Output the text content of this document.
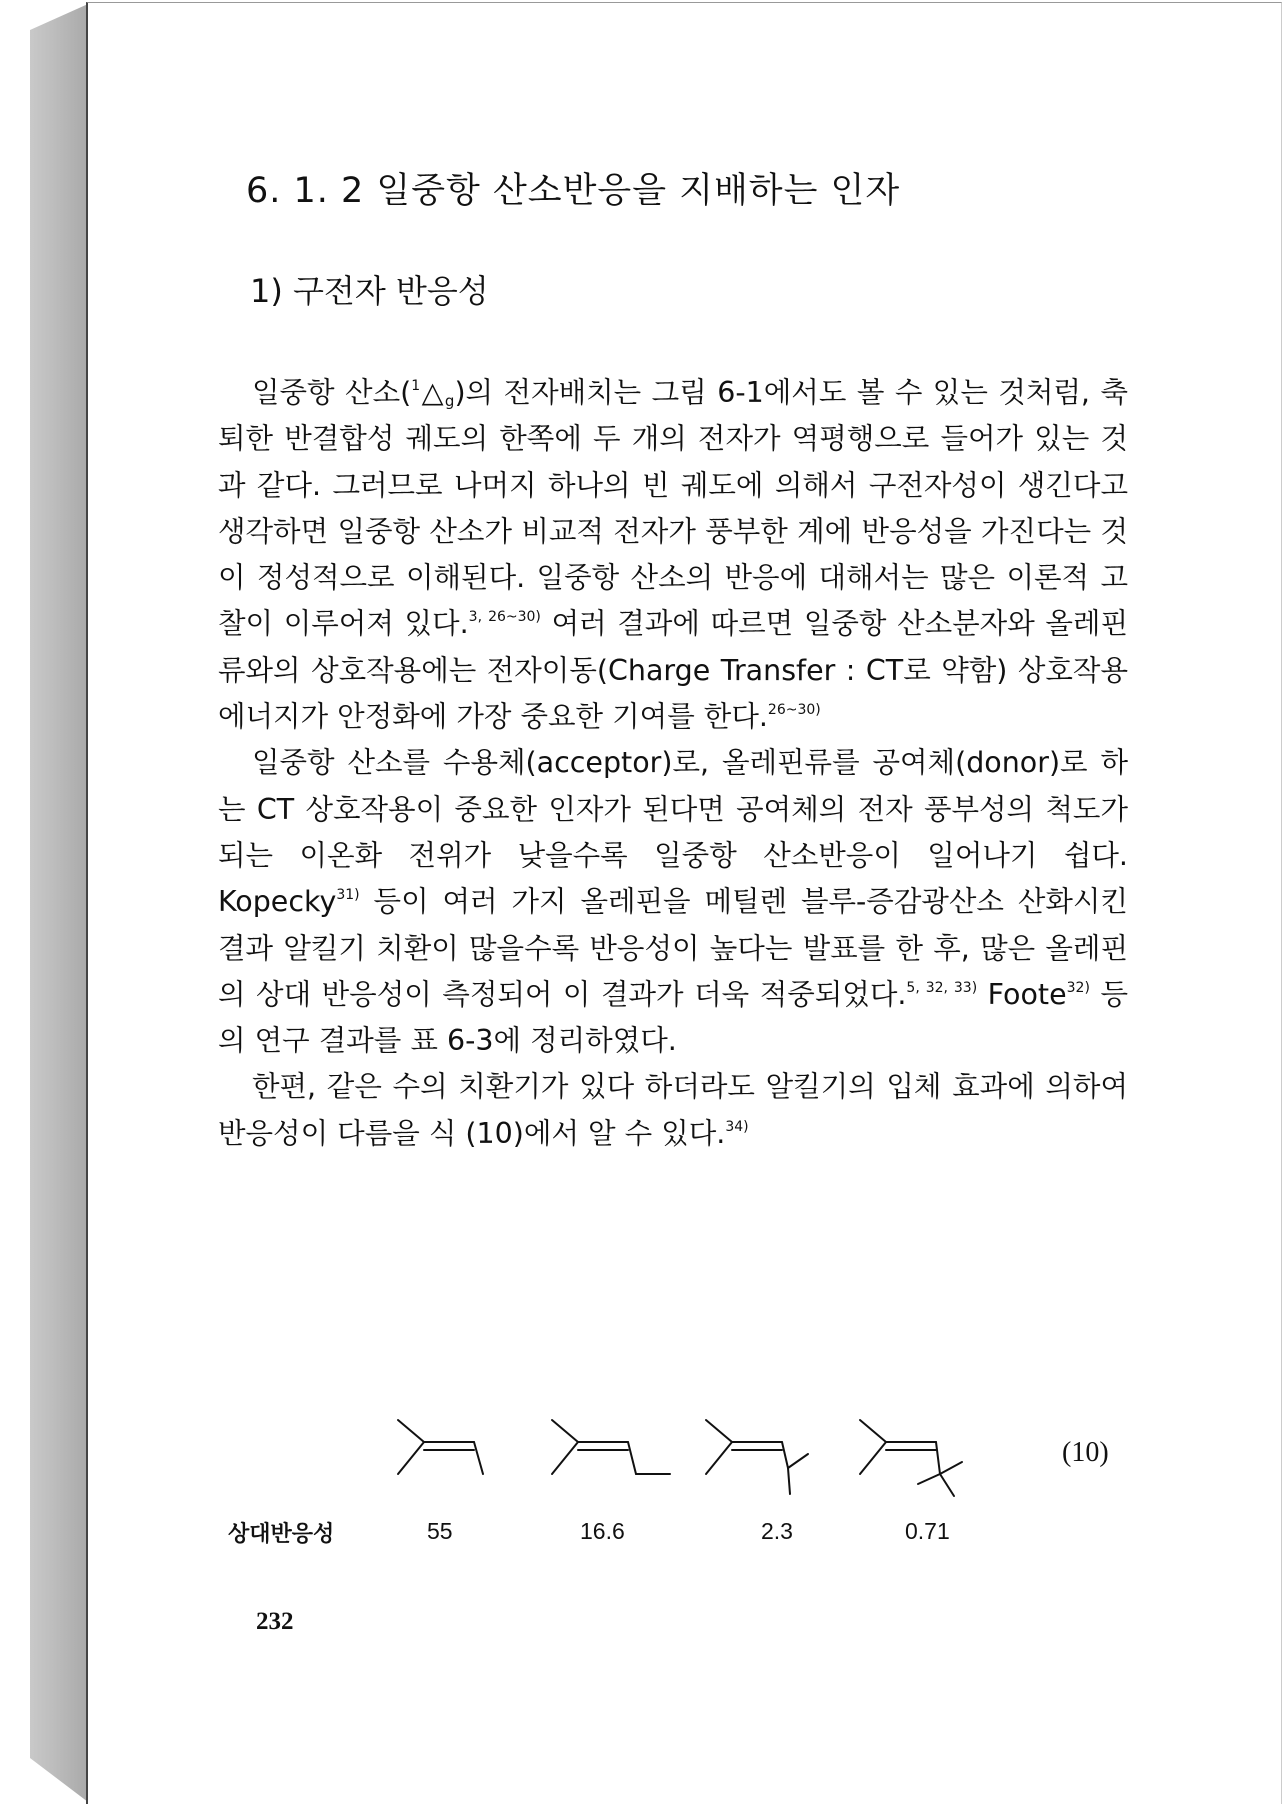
6. 1. 2 일중항 산소반응을 지배하는 인자
1) 구전자 반응성

일중항 산소$(^1\triangle_g)$의 전자배치는 그림 6-1에서도 볼 수 있는 것처럼, 축퇴한 반결합성 궤도의 한쪽에 두 개의 전자가 역평행으로 들어가 있는 것과 같다. 그러므로 나머지 하나의 빈 궤도에 의해서 구전자성이 생긴다고 생각하면 일중항 산소가 비교적 전자가 풍부한 계에 반응성을 가진다는 것이 정성적으로 이해된다. 일중항 산소의 반응에 대해서는 많은 이론적 고찰이 이루어져 있다.$^{3, 26\sim 30)}$ 여러 결과에 따르면 일중항 산소분자와 올레핀류와의 상호작용에는 전자이동(Charge Transfer : CT로 약함) 상호작용 에너지가 안정화에 가장 중요한 기여를 한다.$^{26\sim 30)}$

일중항 산소를 수용체(acceptor)로, 올레핀류를 공여체(donor)로 하는 CT 상호작용이 중요한 인자가 된다면 공여체의 전자 풍부성의 척도가 되는 이온화 전위가 낮을수록 일중항 산소반응이 일어나기 쉽다. Kopecky$^{31)}$ 등이 여러 가지 올레핀을 메틸렌 블루-증감광산소 산화시킨 결과 알킬기 치환이 많을수록 반응성이 높다는 발표를 한 후, 많은 올레핀의 상대 반응성이 측정되어 이 결과가 더욱 적중되었다.$^{5, 32, 33)}$ Foote$^{32)}$ 등의 연구 결과를 표 6-3에 정리하였다.

한편, 같은 수의 치환기가 있다 하더라도 알킬기의 입체 효과에 의하여 반응성이 다름을 식 (10)에서 알 수 있다.$^{34)}$

(10)
상대반응성	55	16.6	2.3	0.71
232
